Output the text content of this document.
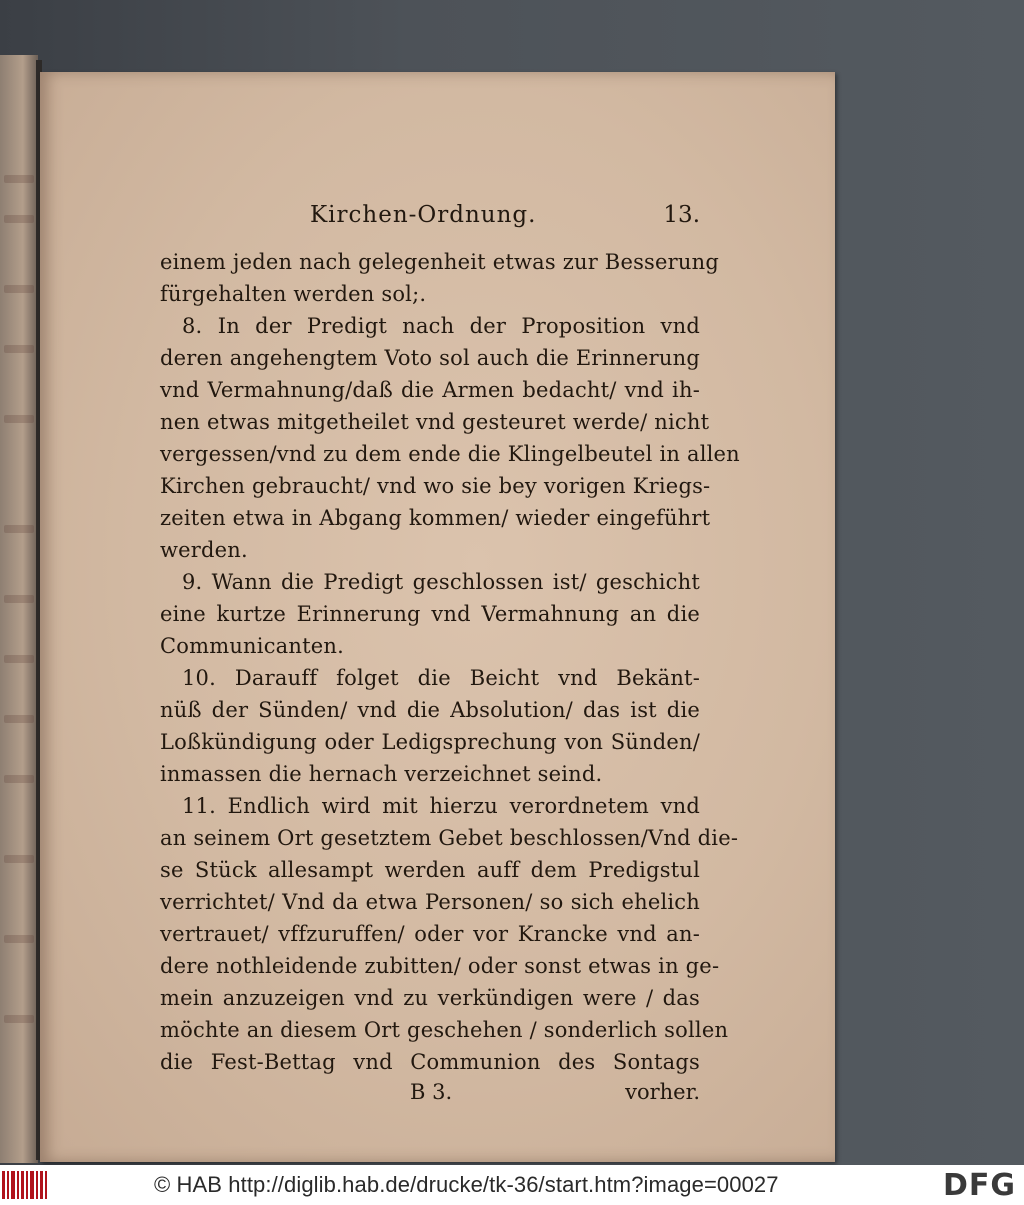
Kirchen-Ordnung.	13.
einem jeden nach gelegenheit etwas zur Besserung
fürgehalten werden sol;.
8. In der Predigt nach der Proposition vnd
deren angehengtem Voto sol auch die Erinnerung
vnd Vermahnung/daß die Armen bedacht/ vnd ih-
nen etwas mitgetheilet vnd gesteuret werde/ nicht
vergessen/vnd zu dem ende die Klingelbeutel in allen
Kirchen gebraucht/ vnd wo sie bey vorigen Kriegs-
zeiten etwa in Abgang kommen/ wieder eingeführt
werden.
9. Wann die Predigt geschlossen ist/ geschicht
eine kurtze Erinnerung vnd Vermahnung an die
Communicanten.
10. Darauff folget die Beicht vnd Bekänt-
nüß der Sünden/ vnd die Absolution/ das ist die
Loßkündigung oder Ledigsprechung von Sünden/
inmassen die hernach verzeichnet seind.
11. Endlich wird mit hierzu verordnetem vnd
an seinem Ort gesetztem Gebet beschlossen/Vnd die-
se Stück allesampt werden auff dem Predigstul
verrichtet/ Vnd da etwa Personen/ so sich ehelich
vertrauet/ vffzuruffen/ oder vor Krancke vnd an-
dere nothleidende zubitten/ oder sonst etwas in ge-
mein anzuzeigen vnd zu verkündigen were / das
möchte an diesem Ort geschehen / sonderlich sollen
die Fest-Bettag vnd Communion des Sontags
B 3.	vorher.
© HAB http://diglib.hab.de/drucke/tk-36/start.htm?image=00027	DFG
